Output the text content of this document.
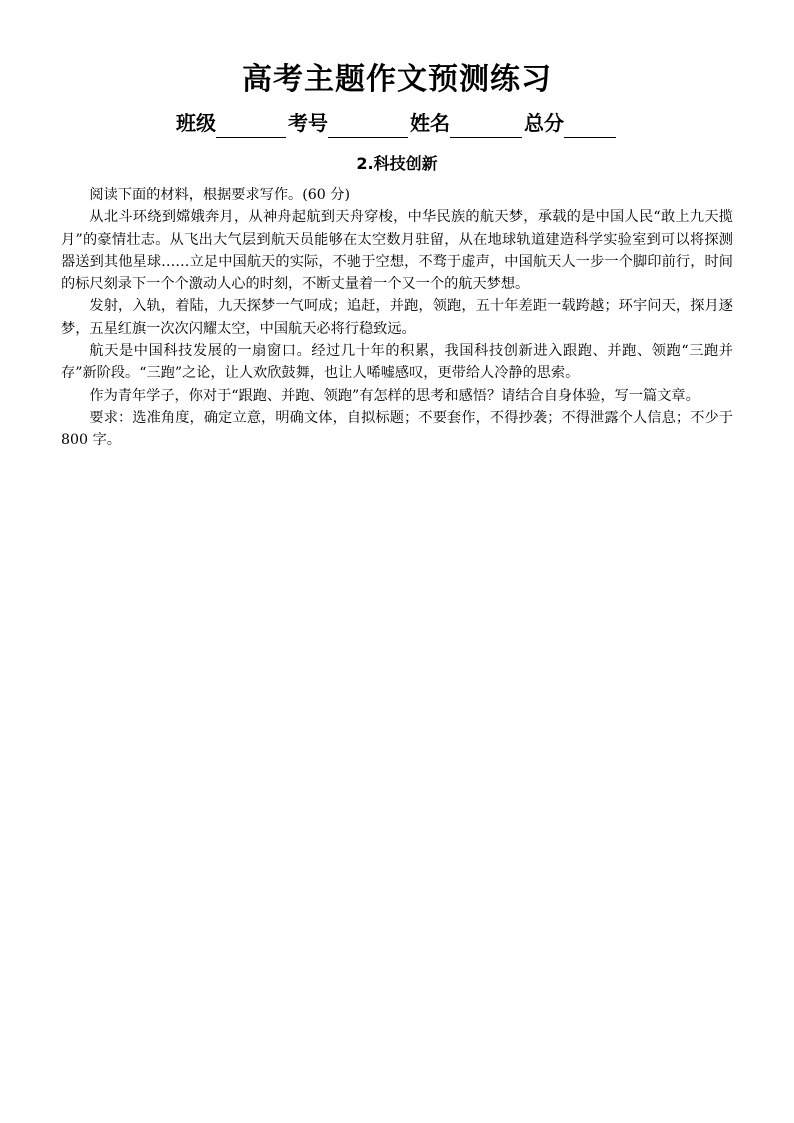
高考主题作文预测练习
班级	考号	姓名	总分
2.科技创新

阅读下面的材料，根据要求写作。(60 分)

从北斗环绕到嫦娥奔月，从神舟起航到天舟穿梭，中华民族的航天梦，承载的是中国人民“敢上九天揽月”的豪情壮志。从飞出大气层到航天员能够在太空数月驻留，从在地球轨道建造科学实验室到可以将探测器送到其他星球……立足中国航天的实际，不驰于空想，不骛于虚声，中国航天人一步一个脚印前行，时间的标尺刻录下一个个激动人心的时刻，不断丈量着一个又一个的航天梦想。

发射，入轨，着陆，九天探梦一气呵成；追赶，并跑，领跑，五十年差距一载跨越；环宇问天，探月逐梦，五星红旗一次次闪耀太空，中国航天必将行稳致远。

航天是中国科技发展的一扇窗口。经过几十年的积累，我国科技创新进入跟跑、并跑、领跑“三跑并存”新阶段。“三跑”之论，让人欢欣鼓舞，也让人唏嘘感叹，更带给人冷静的思索。

作为青年学子，你对于“跟跑、并跑、领跑”有怎样的思考和感悟？请结合自身体验，写一篇文章。

要求：选准角度，确定立意，明确文体，自拟标题；不要套作，不得抄袭；不得泄露个人信息；不少于 800 字。
